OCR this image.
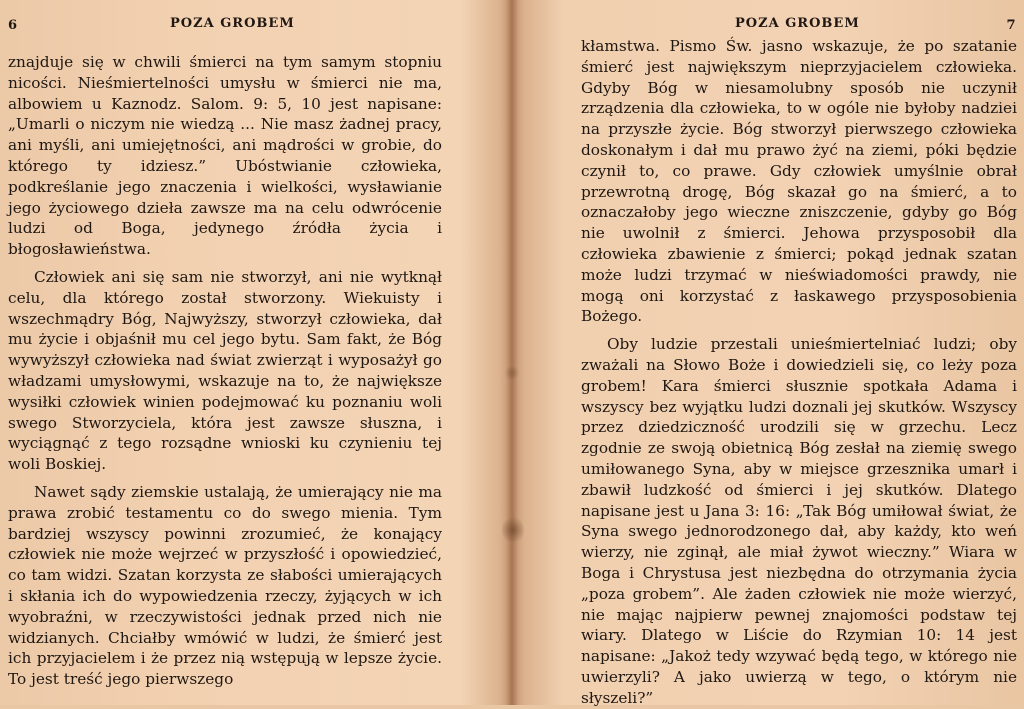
6	POZA GROBEM

znajduje się w chwili śmierci na tym samym stopniu nicości. Nieśmiertelności umysłu w śmierci nie ma, albowiem u Kaznodz. Salom. 9: 5, 10 jest napisane: „Umarli o niczym nie wiedzą ... Nie masz żadnej pracy, ani myśli, ani umiejętności, ani mądrości w grobie, do którego ty idziesz.” Ubóstwianie człowieka, podkreślanie jego znaczenia i wielkości, wysławianie jego życiowego dzieła zawsze ma na celu odwrócenie ludzi od Boga, jedynego źródła życia i błogosławieństwa.

Człowiek ani się sam nie stworzył, ani nie wytknął celu, dla którego został stworzony. Wiekuisty i wszechmądry Bóg, Najwyższy, stworzył człowieka, dał mu życie i objaśnił mu cel jego bytu. Sam fakt, że Bóg wywyższył człowieka nad świat zwierząt i wyposażył go władzami umysłowymi, wskazuje na to, że największe wysiłki człowiek winien podejmować ku poznaniu woli swego Stworzyciela, która jest zawsze słuszna, i wyciągnąć z tego rozsądne wnioski ku czynieniu tej woli Boskiej.

Nawet sądy ziemskie ustalają, że umierający nie ma prawa zrobić testamentu co do swego mienia. Tym bardziej wszyscy powinni zrozumieć, że konający człowiek nie może wejrzeć w przyszłość i opowiedzieć, co tam widzi. Szatan korzysta ze słabości umierających i skłania ich do wypowiedzenia rzeczy, żyjących w ich wyobraźni, w rzeczywistości jednak przed nich nie widzianych. Chciałby wmówić w ludzi, że śmierć jest ich przyjacielem i że przez nią wstępują w lepsze życie. To jest treść jego pierwszego

POZA GROBEM	7

kłamstwa. Pismo Św. jasno wskazuje, że po szatanie śmierć jest największym nieprzyjacielem człowieka. Gdyby Bóg w niesamolubny sposób nie uczynił zrządzenia dla człowieka, to w ogóle nie byłoby nadziei na przyszłe życie. Bóg stworzył pierwszego człowieka doskonałym i dał mu prawo żyć na ziemi, póki będzie czynił to, co prawe. Gdy człowiek umyślnie obrał przewrotną drogę, Bóg skazał go na śmierć, a to oznaczałoby jego wieczne zniszczenie, gdyby go Bóg nie uwolnił z śmierci. Jehowa przysposobił dla człowieka zbawienie z śmierci; pokąd jednak szatan może ludzi trzymać w nieświadomości prawdy, nie mogą oni korzystać z łaskawego przysposobienia Bożego.

Oby ludzie przestali unieśmiertelniać ludzi; oby zważali na Słowo Boże i dowiedzieli się, co leży poza grobem! Kara śmierci słusznie spotkała Adama i wszyscy bez wyjątku ludzi doznali jej skutków. Wszyscy przez dziedziczność urodzili się w grzechu. Lecz zgodnie ze swoją obietnicą Bóg zesłał na ziemię swego umiłowanego Syna, aby w miejsce grzesznika umarł i zbawił ludzkość od śmierci i jej skutków. Dlatego napisane jest u Jana 3: 16: „Tak Bóg umiłował świat, że Syna swego jednorodzonego dał, aby każdy, kto weń wierzy, nie zginął, ale miał żywot wieczny.” Wiara w Boga i Chrystusa jest niezbędna do otrzymania życia „poza grobem”. Ale żaden człowiek nie może wierzyć, nie mając najpierw pewnej znajomości podstaw tej wiary. Dlatego w Liście do Rzymian 10: 14 jest napisane: „Jakoż tedy wzywać będą tego, w którego nie uwierzyli? A jako uwierzą w tego, o którym nie słyszeli?”
